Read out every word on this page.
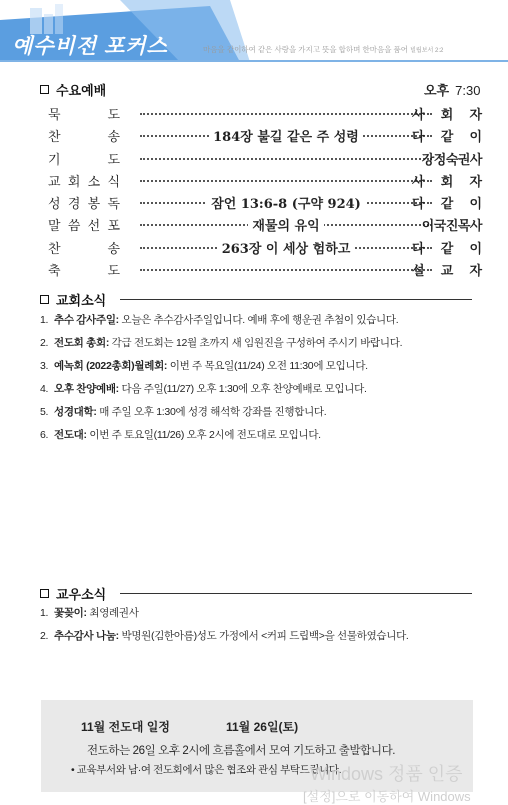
예수비전 포커스	마음을 같이하여 같은 사랑을 가지고 뜻을 합하며 한마음을 품어 빌립보서 2:2
수요예배	오후 7:30
묵	도	사 회 자
찬	송	184장 불길 같은 주 성령	다 같 이
기	도	강정숙권사
교 회 소 식	사 회 자
성 경 봉 독	잠언 13:6-8 (구약 924)	다 같 이
말 씀 선 포	재물의 유익	이국진목사
찬	송	263장 이 세상 험하고	다 같 이
축	도	설 교 자
교회소식
1. 추수 감사주일: 오늘은 추수감사주일입니다. 예배 후에 행운권 추첨이 있습니다.
2. 전도회 총회: 각급 전도회는 12월 초까지 새 임원진을 구성하여 주시기 바랍니다.
3. 예녹회 (2022총회)월례회: 이번 주 목요일(11/24) 오전 11:30에 모입니다.
4. 오후 찬양예배: 다음 주일(11/27) 오후 1:30에 오후 찬양예배로 모입니다.
5. 성경대학: 매 주일 오후 1:30에 성경 해석학 강좌를 진행합니다.
6. 전도대: 이번 주 토요일(11/26) 오후 2시에 전도대로 모입니다.
교우소식
1. 꽃꽂이: 최영례권사
2. 추수감사 나눔: 박명원(김한아름)성도 가정에서 <커피 드립백>을 선물하였습니다.
11월 전도대 일정	11월 26일(토)
전도하는 26일 오후 2시에 흐름홀에서 모여 기도하고 출발합니다.
• 교육부서와 남·여 전도회에서 많은 협조와 관심 부탁드립니다.
Windows 정품 인증
[설정]으로 이동하여 Windows
